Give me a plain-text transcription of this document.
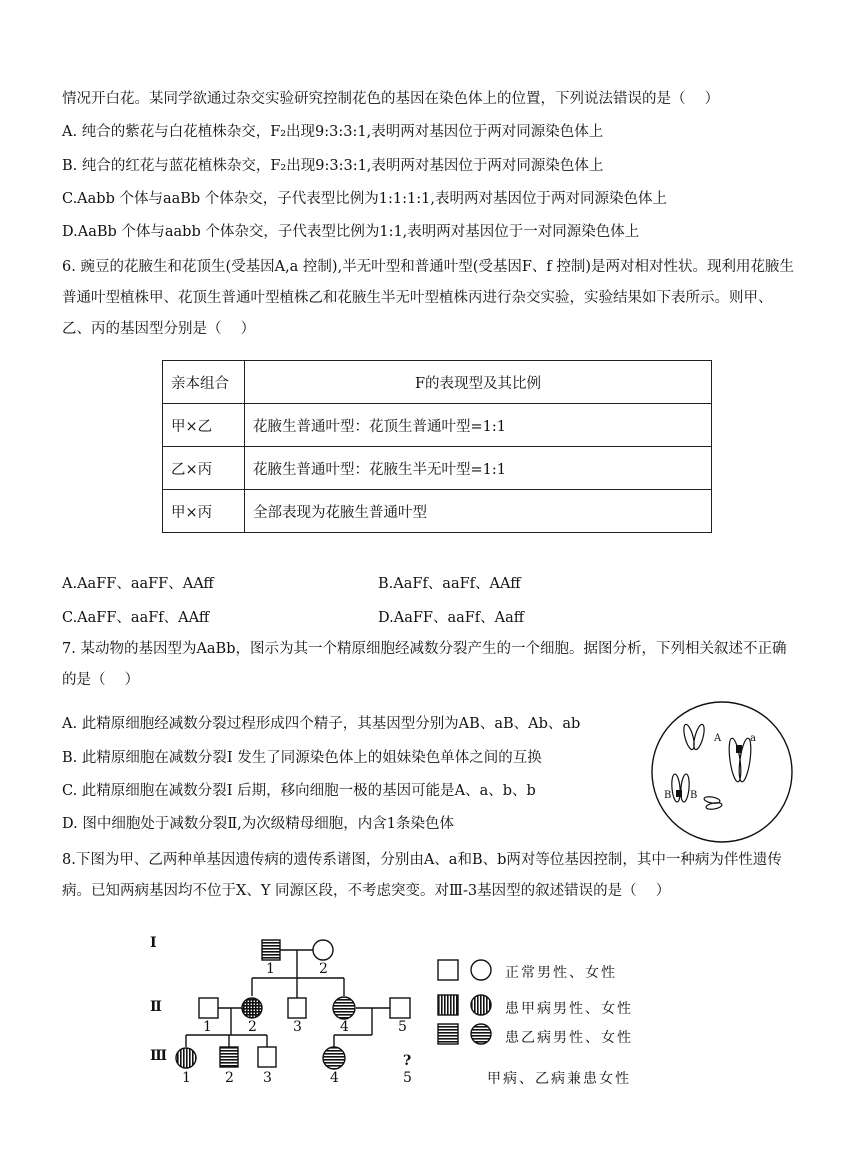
情况开白花。某同学欲通过杂交实验研究控制花色的基因在染色体上的位置，下列说法错误的是（　 ）
A. 纯合的紫花与白花植株杂交，F₂出现9:3:3:1,表明两对基因位于两对同源染色体上
B. 纯合的红花与蓝花植株杂交，F₂出现9:3:3:1,表明两对基因位于两对同源染色体上
C.Aabb 个体与aaBb 个体杂交，子代表型比例为1:1:1:1,表明两对基因位于两对同源染色体上
D.AaBb 个体与aabb 个体杂交，子代表型比例为1:1,表明两对基因位于一对同源染色体上
6. 豌豆的花腋生和花顶生(受基因A,a 控制),半无叶型和普通叶型(受基因F、f 控制)是两对相对性状。现利用花腋生普通叶型植株甲、花顶生普通叶型植株乙和花腋生半无叶型植株丙进行杂交实验，实验结果如下表所示。则甲、乙、丙的基因型分别是（　 ）
亲本组合	F的表现型及其比例
甲×乙	花腋生普通叶型：花顶生普通叶型=1:1
乙×丙	花腋生普通叶型：花腋生半无叶型=1:1
甲×丙	全部表现为花腋生普通叶型
A.AaFF、aaFF、AAff	B.AaFf、aaFf、AAff
C.AaFF、aaFf、AAff	D.AaFF、aaFf、Aaff
7. 某动物的基因型为AaBb，图示为其一个精原细胞经减数分裂产生的一个细胞。据图分析，下列相关叙述不正确的是（　 ）
A. 此精原细胞经减数分裂过程形成四个精子，其基因型分别为AB、aB、Ab、ab
B. 此精原细胞在减数分裂Ⅰ 发生了同源染色体上的姐妹染色单体之间的互换
C. 此精原细胞在减数分裂Ⅰ 后期，移向细胞一极的基因可能是A、a、b、b
D. 图中细胞处于减数分裂Ⅱ,为次级精母细胞，内含1条染色体
A	a
B B
8.下图为甲、乙两种单基因遗传病的遗传系谱图，分别由A、a和B、b两对等位基因控制，其中一种病为伴性遗传病。已知两病基因均不位于X、Y 同源区段，不考虑突变。对Ⅲ-3基因型的叙述错误的是（　 ）
Ⅰ
Ⅱ
Ⅲ
1	2
1	2	3	4	5
1 2 3	4
?
5
正常男性、女性
患甲病男性、女性
患乙病男性、女性
甲病、乙病兼患女性
